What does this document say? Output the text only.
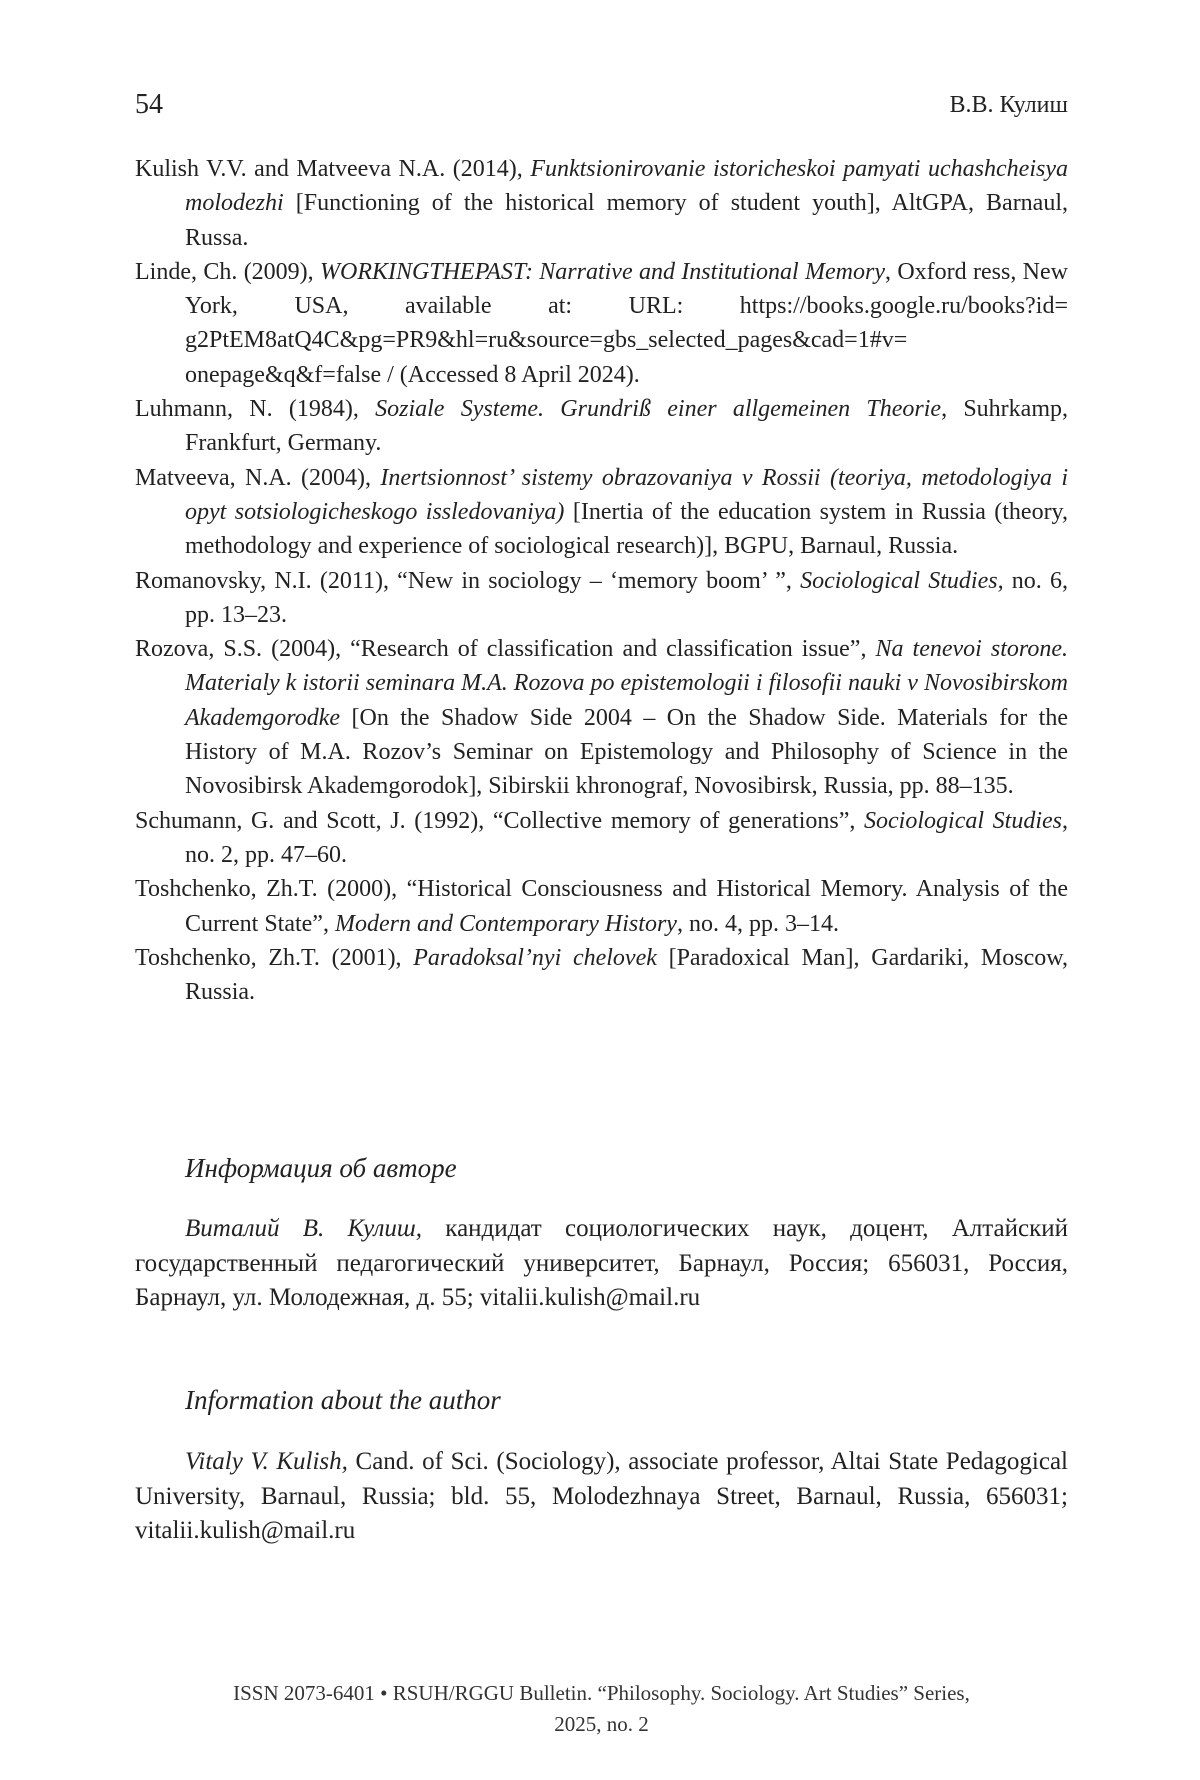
54	В.В. Кулиш
Kulish V.V. and Matveeva N.A. (2014), Funktsionirovanie istoricheskoi pamyati uchashcheisya molodezhi [Functioning of the historical memory of student youth], AltGPA, Barnaul, Russa.
Linde, Ch. (2009), WORKINGTHEPAST: Narrative and Institutional Memory, Oxford ress, New York, USA, available at: URL: https://books.google.ru/books?id= g2PtEM8atQ4C&pg=PR9&hl=ru&source=gbs_selected_pages&cad=1#v= onepage&q&f=false / (Accessed 8 April 2024).
Luhmann, N. (1984), Soziale Systeme. Grundriß einer allgemeinen Theorie, Suhrkamp, Frankfurt, Germany.
Matveeva, N.A. (2004), Inertsionnost’ sistemy obrazovaniya v Rossii (teoriya, metodologi­ya i opyt sotsiologicheskogo issledovaniya) [Inertia of the education system in Russia (theory, methodology and experience of sociological research)], BGPU, Barnaul, Russia.
Romanovsky, N.I. (2011), “New in sociology – ‘memory boom’ ”, Sociological Studies, no. 6, pp. 13–23.
Rozova, S.S. (2004), “Research of classification and classification issue”, Na tenevoi storone. Materialy k istorii seminara M.A. Rozova po epistemologii i filosofii nauki v Novosibirskom Akademgorodke [On the Shadow Side 2004 – On the Shadow Side. Materials for the History of M.A. Rozov’s Seminar on Epistemology and Philosophy of Science in the Novosibirsk Akademgorodok], Sibirskii khronograf, Novosibirsk, Russia, pp. 88–135.
Schumann, G. and Scott, J. (1992), “Collective memory of generations”, Sociological Studies, no. 2, pp. 47–60.
Toshchenko, Zh.T. (2000), “Historical Consciousness and Historical Memory. Analysis of the Current State”, Modern and Contemporary History, no. 4, pp. 3–14.
Toshchenko, Zh.T. (2001), Paradoksal’nyi chelovek [Paradoxical Man], Gardariki, Moscow, Russia.
Информация об авторе
Виталий В. Кулиш, кандидат социологических наук, доцент, Ал­тайский государственный педагогический университет, Барнаул, Россия; 656031, Россия, Барнаул, ул. Молодежная, д. 55; vitalii.kulish@mail.ru
Information about the author
Vitaly V. Kulish, Cand. of Sci. (Sociology), associate professor, Altai State Pedagogical University, Barnaul, Russia; bld. 55, Molodezhnaya Street, Bar­naul, Russia, 656031; vitalii.kulish@mail.ru
ISSN 2073-6401 • RSUH/RGGU Bulletin. “Philosophy. Sociology. Art Studies” Series,
2025, no. 2
